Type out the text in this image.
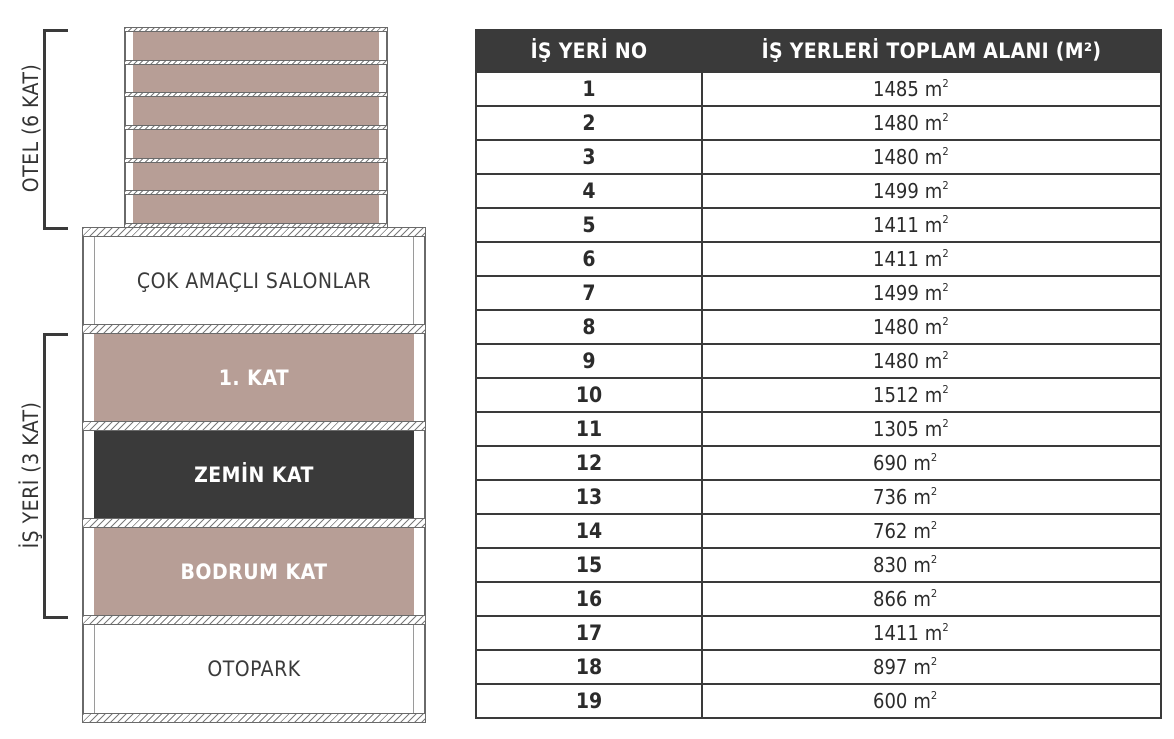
OTEL (6 KAT)
İŞ YERİ (3 KAT)
ÇOK AMAÇLI SALONLAR
1. KAT
ZEMİN KAT
BODRUM KAT
OTOPARK
İŞ YERİ NO	İŞ YERLERİ TOPLAM ALANI (M²)
1	1485 $m^2$
2	1480 $m^2$
3	1480 $m^2$
4	1499 $m^2$
5	1411 $m^2$
6	1411 $m^2$
7	1499 $m^2$
8	1480 $m^2$
9	1480 $m^2$
10	1512 $m^2$
11	1305 $m^2$
12	690 $m^2$
13	736 $m^2$
14	762 $m^2$
15	830 $m^2$
16	866 $m^2$
17	1411 $m^2$
18	897 $m^2$
19	600 $m^2$
